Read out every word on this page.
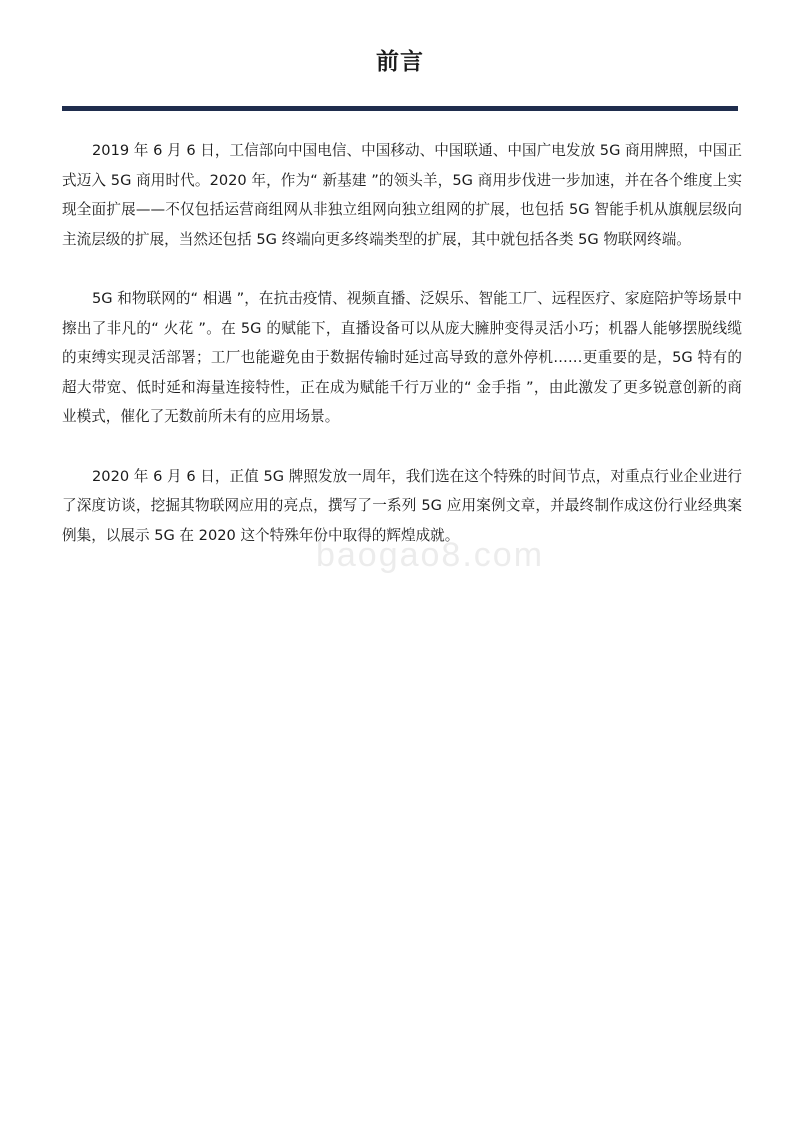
前言

2019 年 6 月 6 日，工信部向中国电信、中国移动、中国联通、中国广电发放 5G 商用牌照，中国正式迈入 5G 商用时代。2020 年，作为“ 新基建 ”的领头羊，5G 商用步伐进一步加速，并在各个维度上实现全面扩展——不仅包括运营商组网从非独立组网向独立组网的扩展，也包括 5G 智能手机从旗舰层级向主流层级的扩展，当然还包括 5G 终端向更多终端类型的扩展，其中就包括各类 5G 物联网终端。

5G 和物联网的“ 相遇 ”，在抗击疫情、视频直播、泛娱乐、智能工厂、远程医疗、家庭陪护等场景中擦出了非凡的“ 火花 ”。在 5G 的赋能下，直播设备可以从庞大臃肿变得灵活小巧；机器人能够摆脱线缆的束缚实现灵活部署；工厂也能避免由于数据传输时延过高导致的意外停机……更重要的是，5G 特有的超大带宽、低时延和海量连接特性，正在成为赋能千行万业的“ 金手指 ”，由此激发了更多锐意创新的商业模式，催化了无数前所未有的应用场景。

2020 年 6 月 6 日，正值 5G 牌照发放一周年，我们选在这个特殊的时间节点，对重点行业企业进行了深度访谈，挖掘其物联网应用的亮点，撰写了一系列 5G 应用案例文章，并最终制作成这份行业经典案例集，以展示 5G 在 2020 这个特殊年份中取得的辉煌成就。

baogao8.com
